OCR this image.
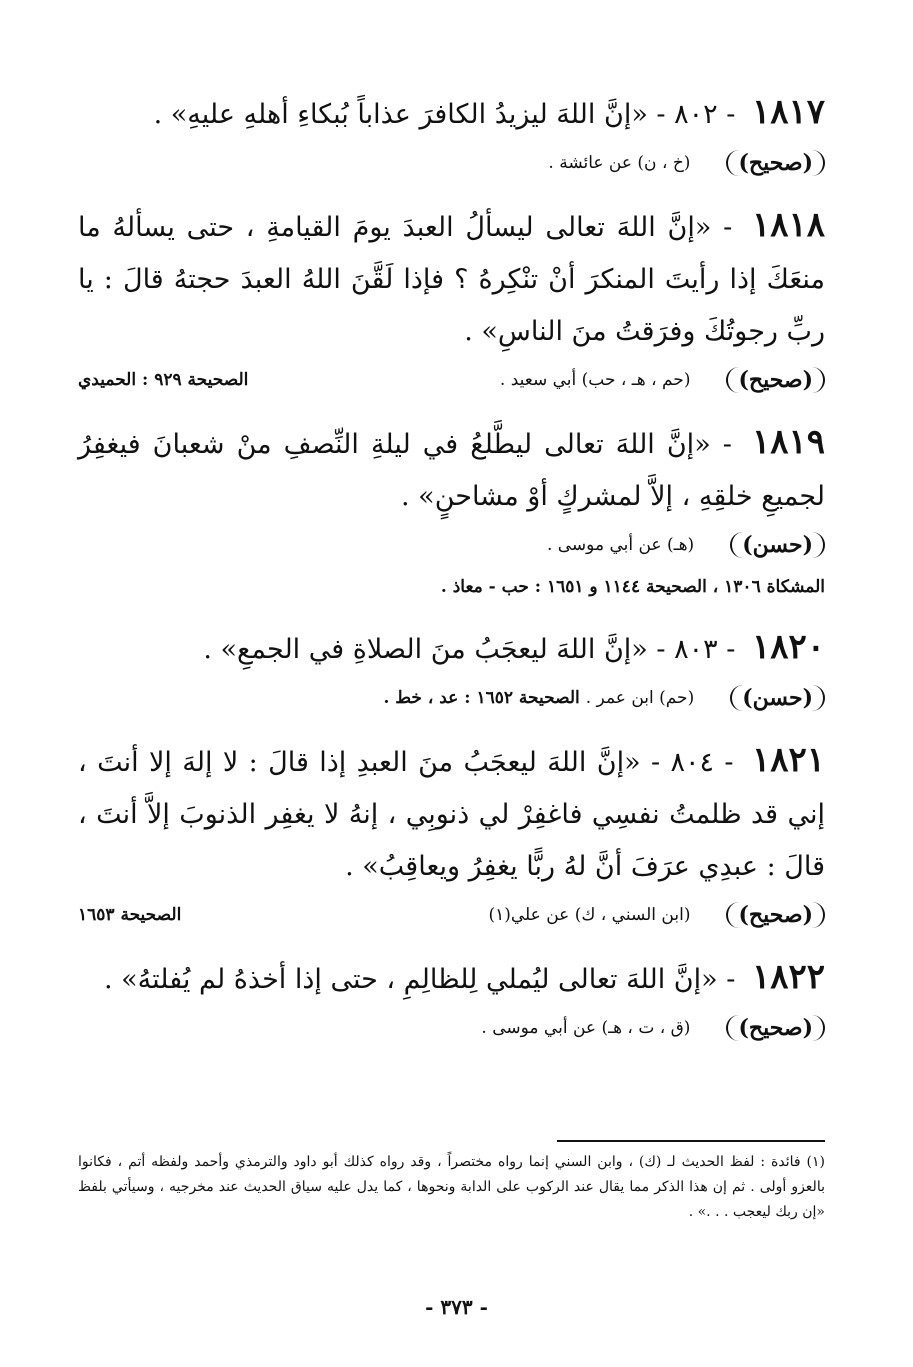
١٨١٧ - ٨٠٢ - «إنَّ اللهَ ليزيدُ الكافرَ عذاباً بُبكاءِ أهلهِ عليهِ» .
(صحيح)
(خ ، ن) عن عائشة .
١٨١٨ - «إنَّ اللهَ تعالى ليسألُ العبدَ يومَ القيامةِ ، حتى يسألهُ ما منعَكَ إذا رأيتَ المنكرَ أنْ تنْكِرهُ ؟ فإذا لَقَّنَ اللهُ العبدَ حجتهُ قالَ : يا ربِّ رجوتُكَ وفرَقتُ منَ الناسِ» .
(صحيح)
(حم ، هـ ، حب) أبي سعيد .
الصحيحة ٩٢٩ : الحميدي
١٨١٩ - «إنَّ اللهَ تعالى ليطَّلعُ في ليلةِ النِّصفِ منْ شعبانَ فيغفِرُ لجميعِ خلقِهِ ، إلاَّ لمشركٍ أوْ مشاحنٍ» .
(حسن)
(هـ) عن أبي موسى .
المشكاة ١٣٠٦ ، الصحيحة ١١٤٤ و ١٦٥١ : حب - معاذ .
١٨٢٠ - ٨٠٣ - «إنَّ اللهَ ليعجَبُ منَ الصلاةِ في الجمعِ» .
(حسن)
(حم) ابن عمر .
الصحيحة ١٦٥٢ : عد ، خط .
١٨٢١ - ٨٠٤ - «إنَّ اللهَ ليعجَبُ منَ العبدِ إذا قالَ : لا إلهَ إلا أنتَ ، إني قد ظلمتُ نفسِي فاغفِرْ لي ذنوبِي ، إنهُ لا يغفِر الذنوبَ إلاَّ أنتَ ، قالَ : عبدِي عرَفَ أنَّ لهُ ربًّا يغفِرُ ويعاقِبُ» .
(صحيح)
(ابن السني ، ك) عن علي(١)
الصحيحة ١٦٥٣
١٨٢٢ - «إنَّ اللهَ تعالى ليُملي لِلظالِمِ ، حتى إذا أخذهُ لم يُفلتهُ» .
(صحيح)
(ق ، ت ، هـ) عن أبي موسى .
(١) فائدة : لفظ الحديث لـ (ك) ، وابن السني إنما رواه مختصراً ، وقد رواه كذلك أبو داود والترمذي وأحمد ولفظه أتم ، فكانوا بالعزو أولى . ثم إن هذا الذكر مما يقال عند الركوب على الدابة ونحوها ، كما يدل عليه سياق الحديث عند مخرجيه ، وسيأتي بلفظ «إن ربك ليعجب . . .» .
- ٣٧٣ -
